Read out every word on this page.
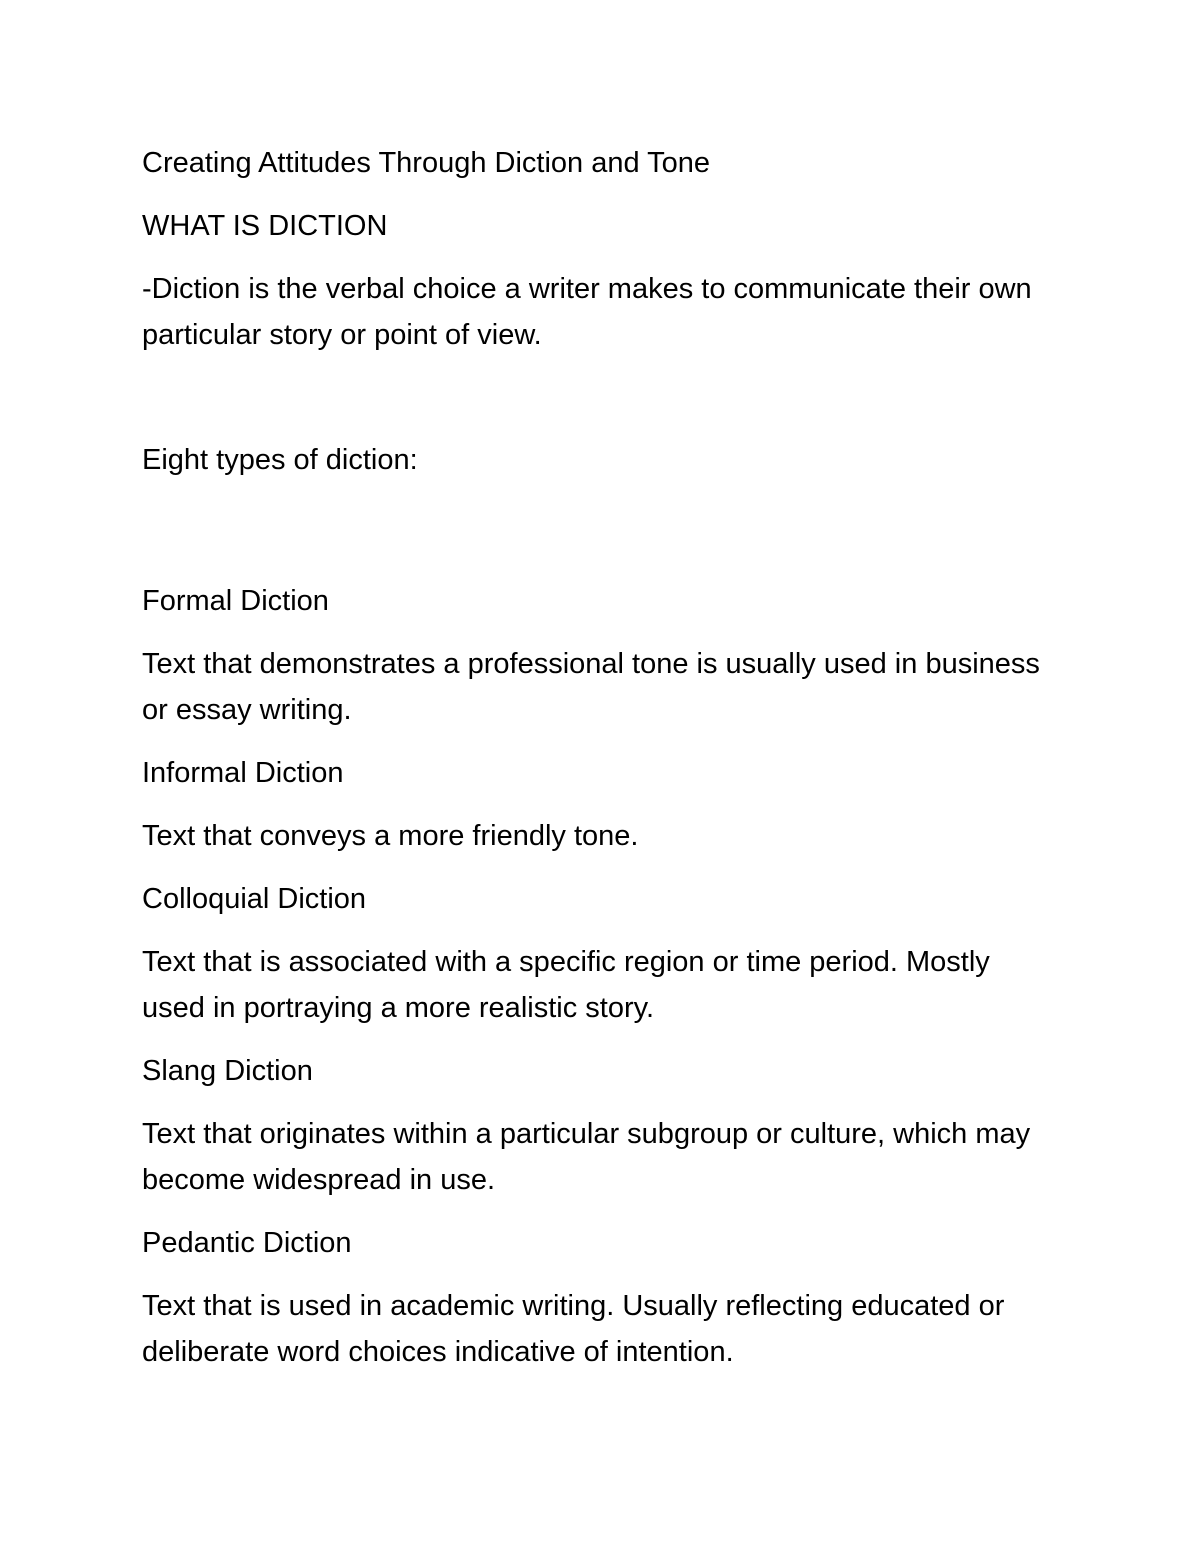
Creating Attitudes Through Diction and Tone

WHAT IS DICTION

-Diction is the verbal choice a writer makes to communicate their own particular story or point of view.

Eight types of diction:

Formal Diction

Text that demonstrates a professional tone is usually used in business or essay writing.

Informal Diction

Text that conveys a more friendly tone.

Colloquial Diction

Text that is associated with a specific region or time period. Mostly used in portraying a more realistic story.

Slang Diction

Text that originates within a particular subgroup or culture, which may become widespread in use.

Pedantic Diction

Text that is used in academic writing. Usually reflecting educated or deliberate word choices indicative of intention.
